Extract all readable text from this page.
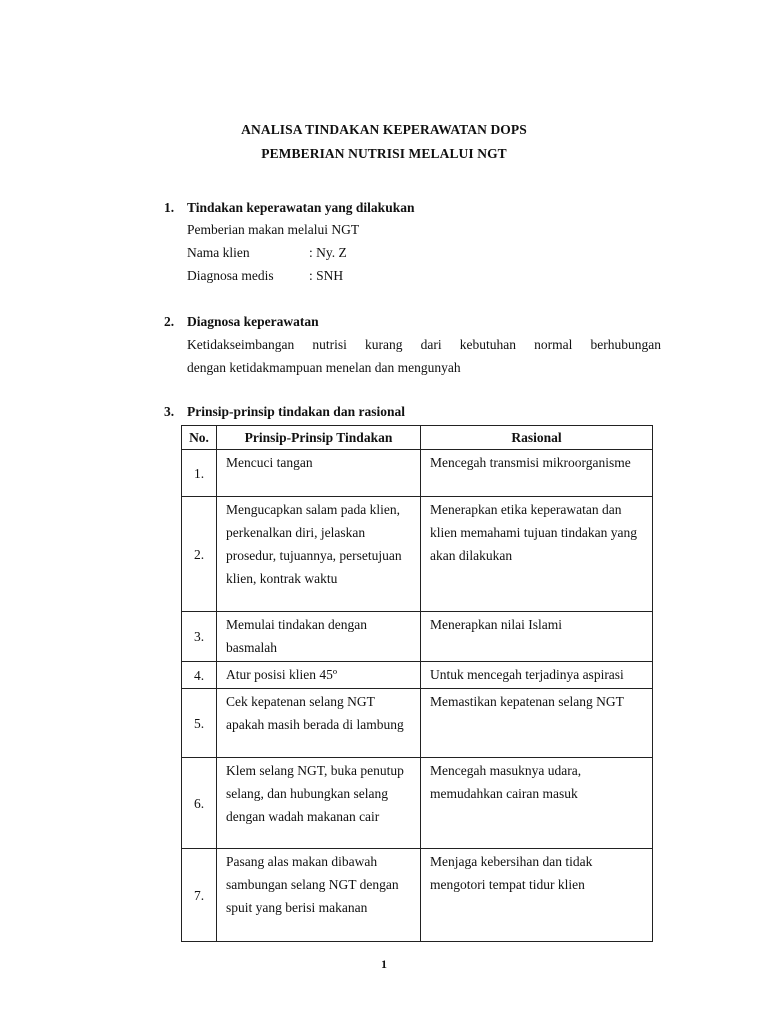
ANALISA TINDAKAN KEPERAWATAN DOPS
PEMBERIAN NUTRISI MELALUI NGT
1. Tindakan keperawatan yang dilakukan
Pemberian makan melalui NGT
Nama klien	: Ny. Z
Diagnosa medis	: SNH
2. Diagnosa keperawatan
Ketidakseimbangan nutrisi kurang dari kebutuhan normal berhubungan
dengan ketidakmampuan menelan dan mengunyah
3. Prinsip-prinsip tindakan dan rasional
No.	Prinsip-Prinsip Tindakan	Rasional
1.	Mencuci tangan	Mencegah transmisi mikroorganisme
2.	Mengucapkan salam pada klien, perkenalkan diri, jelaskan prosedur, tujuannya, persetujuan klien, kontrak waktu	Menerapkan etika keperawatan dan klien memahami tujuan tindakan yang akan dilakukan
3.	Memulai tindakan dengan basmalah	Menerapkan nilai Islami
4.	Atur posisi klien 45º	Untuk mencegah terjadinya aspirasi
5.	Cek kepatenan selang NGT apakah masih berada di lambung	Memastikan kepatenan selang NGT
6.	Klem selang NGT, buka penutup selang, dan hubungkan selang dengan wadah makanan cair	Mencegah masuknya udara, memudahkan cairan masuk
7.	Pasang alas makan dibawah sambungan selang NGT dengan spuit yang berisi makanan	Menjaga kebersihan dan tidak mengotori tempat tidur klien
1
